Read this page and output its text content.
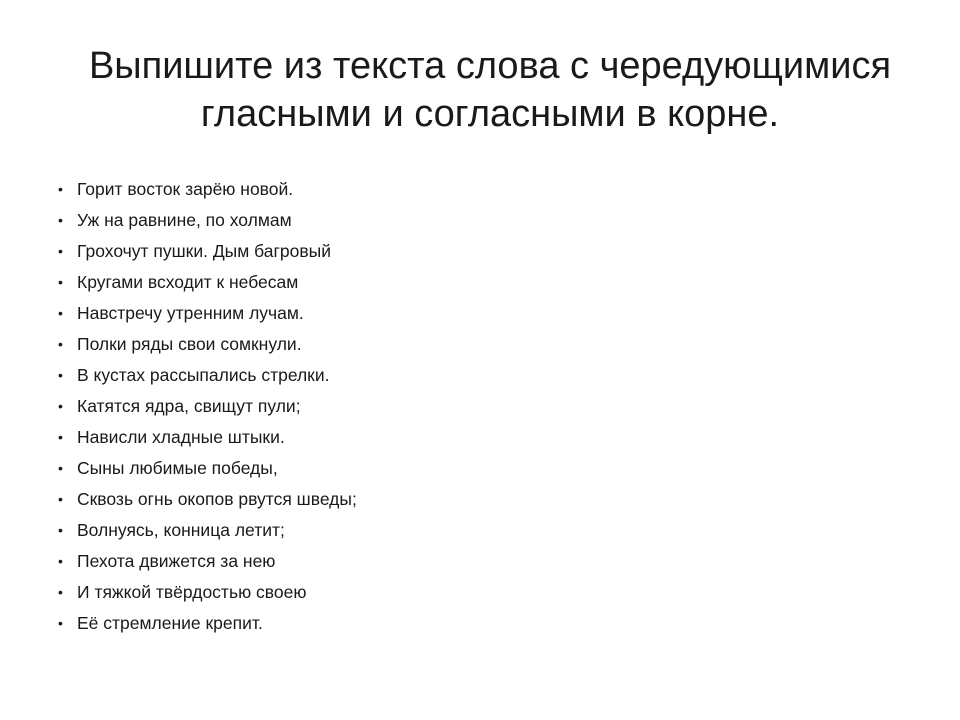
Выпишите из текста слова с чередующимися
гласными и согласными в корне.
• Горит восток зарёю новой.
• Уж на равнине, по холмам
• Грохочут пушки. Дым багровый
• Кругами всходит к небесам
• Навстречу утренним лучам.
• Полки ряды свои сомкнули.
• В кустах рассыпались стрелки.
• Катятся ядра, свищут пули;
• Нависли хладные штыки.
• Сыны любимые победы,
• Сквозь огнь окопов рвутся шведы;
• Волнуясь, конница летит;
• Пехота движется за нею
• И тяжкой твёрдостью своею
• Её стремление крепит.
